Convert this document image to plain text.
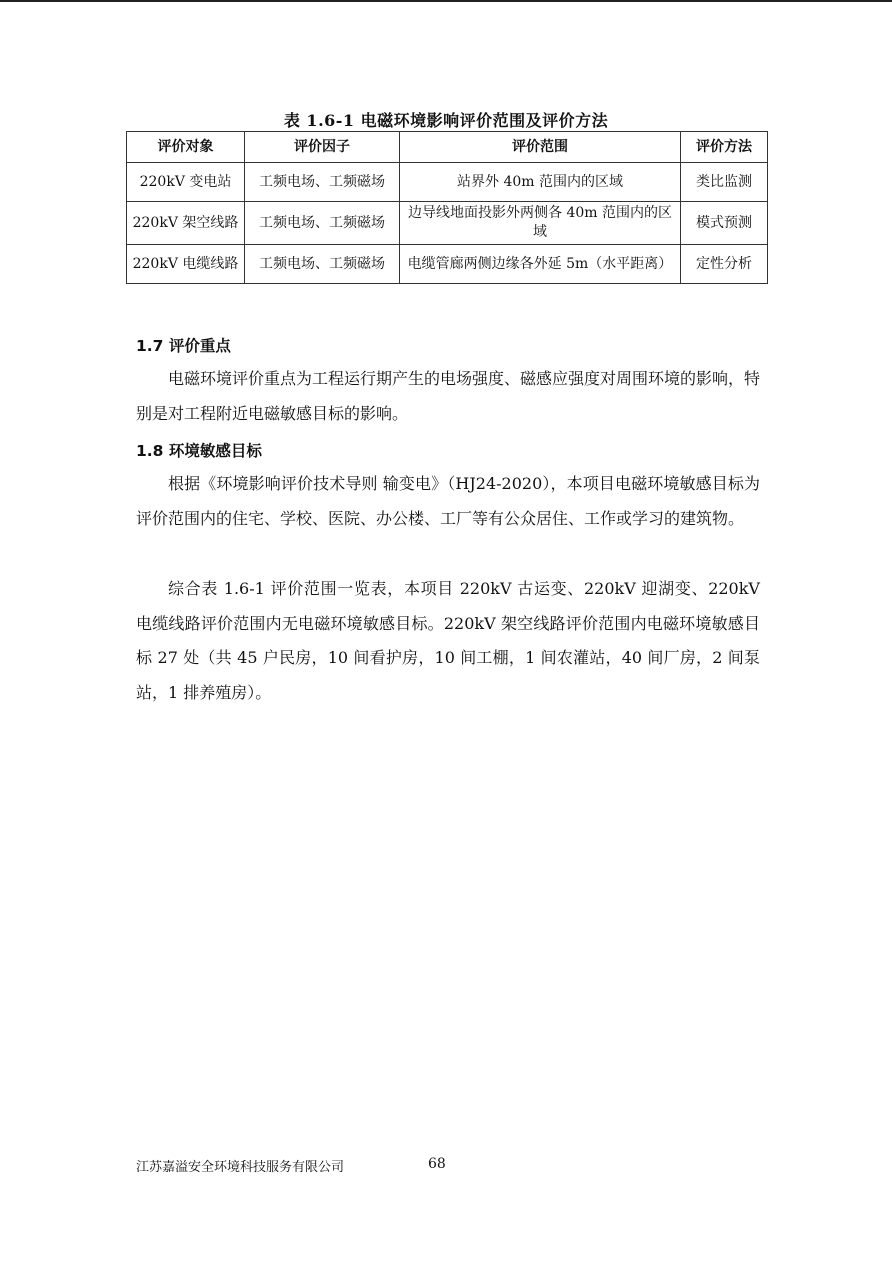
表 1.6-1 电磁环境影响评价范围及评价方法
评价对象	评价因子	评价范围	评价方法
220kV 变电站	工频电场、工频磁场	站界外 40m 范围内的区域	类比监测
220kV 架空线路	工频电场、工频磁场	边导线地面投影外两侧各 40m 范围内的区域	模式预测
220kV 电缆线路	工频电场、工频磁场	电缆管廊两侧边缘各外延 5m（水平距离）	定性分析
1.7 评价重点
电磁环境评价重点为工程运行期产生的电场强度、磁感应强度对周围环境的影响，特别是对工程附近电磁敏感目标的影响。
1.8 环境敏感目标
根据《环境影响评价技术导则 输变电》（HJ24-2020），本项目电磁环境敏感目标为评价范围内的住宅、学校、医院、办公楼、工厂等有公众居住、工作或学习的建筑物。
综合表 1.6-1 评价范围一览表，本项目 220kV 古运变、220kV 迎湖变、220kV 电缆线路评价范围内无电磁环境敏感目标。220kV 架空线路评价范围内电磁环境敏感目标 27 处（共 45 户民房，10 间看护房，10 间工棚，1 间农灌站，40 间厂房，2 间泵站，1 排养殖房）。
江苏嘉溢安全环境科技服务有限公司	68
